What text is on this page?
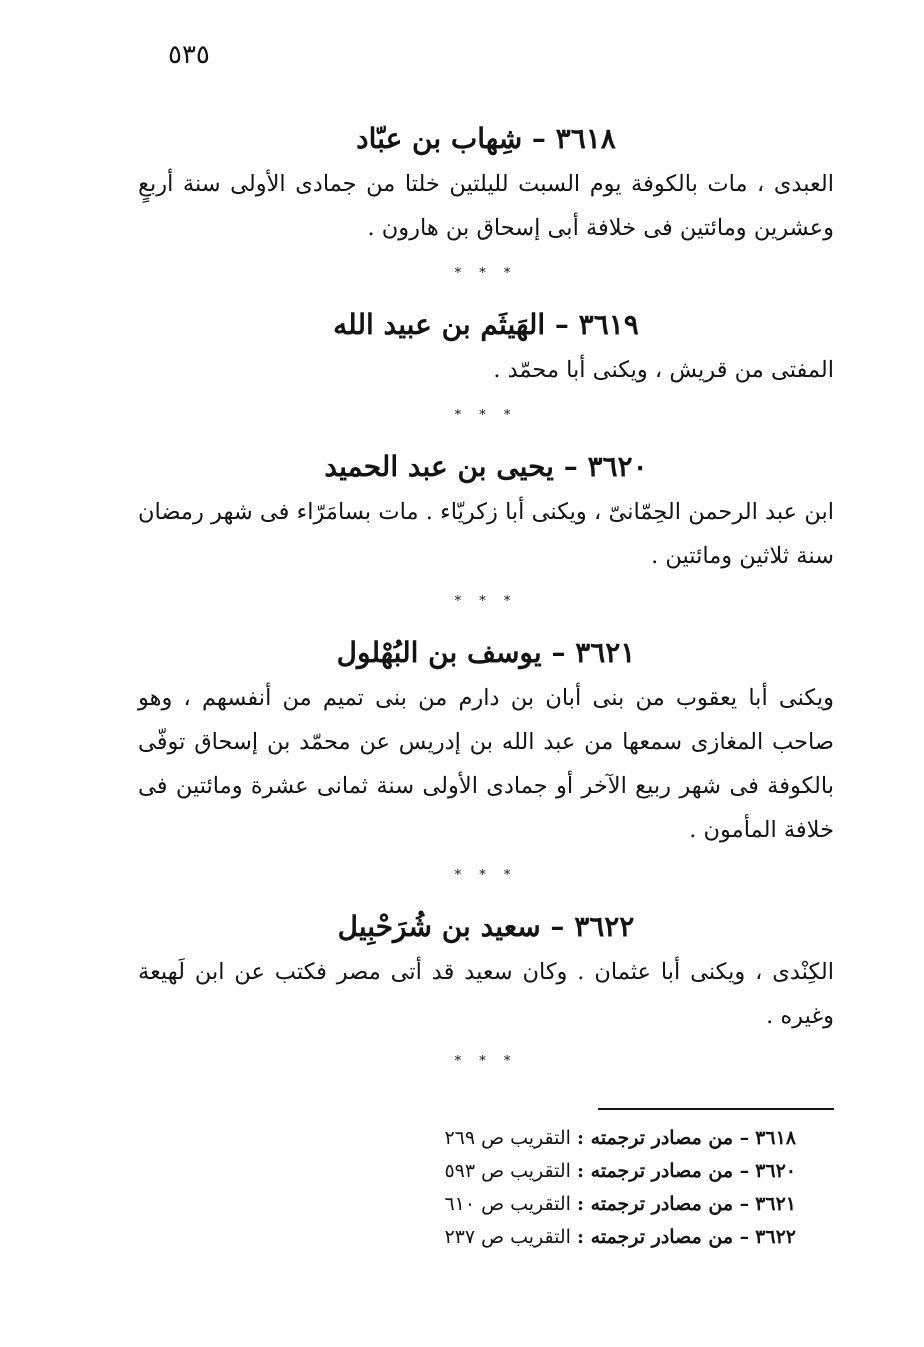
٥٣٥
٣٦١٨ – شِهاب بن عبّاد

العبدى ، مات بالكوفة يوم السبت لليلتين خلتا من جمادى الأولى سنة أربعٍ وعشرين ومائتين فى خلافة أبى إسحاق بن هارون .

* * *
٣٦١٩ – الهَيثَم بن عبيد الله

المفتى من قريش ، ويكنى أبا محمّد .

* * *
٣٦٢٠ – يحيى بن عبد الحميد

ابن عبد الرحمن الحِمّانىّ ، ويكنى أبا زكريّاء . مات بسامَرّاء فى شهر رمضان سنة ثلاثين ومائتين .

* * *
٣٦٢١ – يوسف بن البُهْلول

ويكنى أبا يعقوب من بنى أبان بن دارم من بنى تميم من أنفسهم ، وهو صاحب المغازى سمعها من عبد الله بن إدريس عن محمّد بن إسحاق توفّى بالكوفة فى شهر ربيع الآخر أو جمادى الأولى سنة ثمانى عشرة ومائتين فى خلافة المأمون .

* * *
٣٦٢٢ – سعيد بن شُرَحْبِيل

الكِنْدى ، ويكنى أبا عثمان . وكان سعيد قد أتى مصر فكتب عن ابن لَهيعة وغيره .

* * *

٣٦١٨ – من مصادر ترجمته : التقريب ص ٢٦٩

٣٦٢٠ – من مصادر ترجمته : التقريب ص ٥٩٣

٣٦٢١ – من مصادر ترجمته : التقريب ص ٦١٠

٣٦٢٢ – من مصادر ترجمته : التقريب ص ٢٣٧
